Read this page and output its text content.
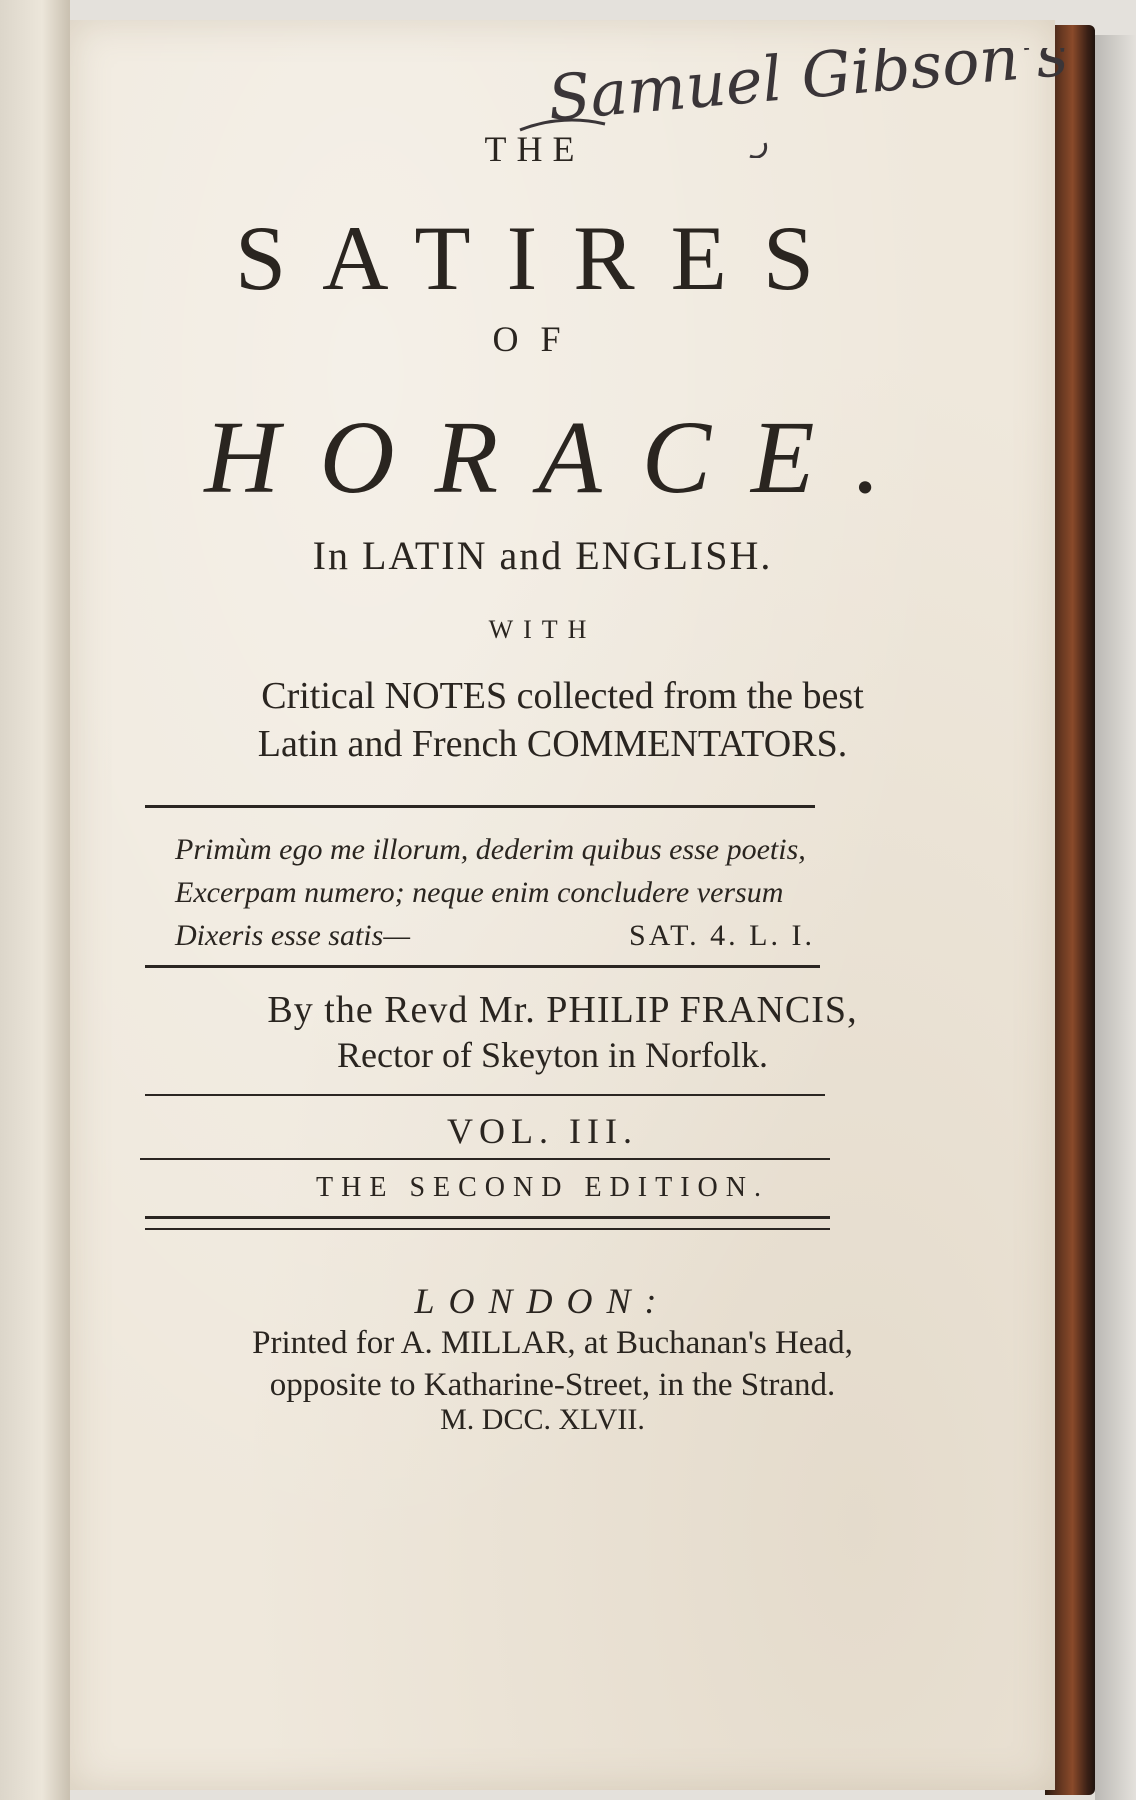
Samuel Gibson's
THE
SATIRES
OF
HORACE.
In LATIN and ENGLISH.
WITH
Critical NOTES collected from the best
Latin and French COMMENTATORS.
Primùm ego me illorum, dederim quibus esse poetis,
Excerpam numero; neque enim concludere versum
Dixeris esse satis—	SAT. 4. L. I.
By the Revd Mr. PHILIP FRANCIS,
Rector of Skeyton in Norfolk.
VOL. III.
THE SECOND EDITION.
LONDON:
Printed for A. MILLAR, at Buchanan's Head,
opposite to Katharine-Street, in the Strand.
M. DCC. XLVII.
